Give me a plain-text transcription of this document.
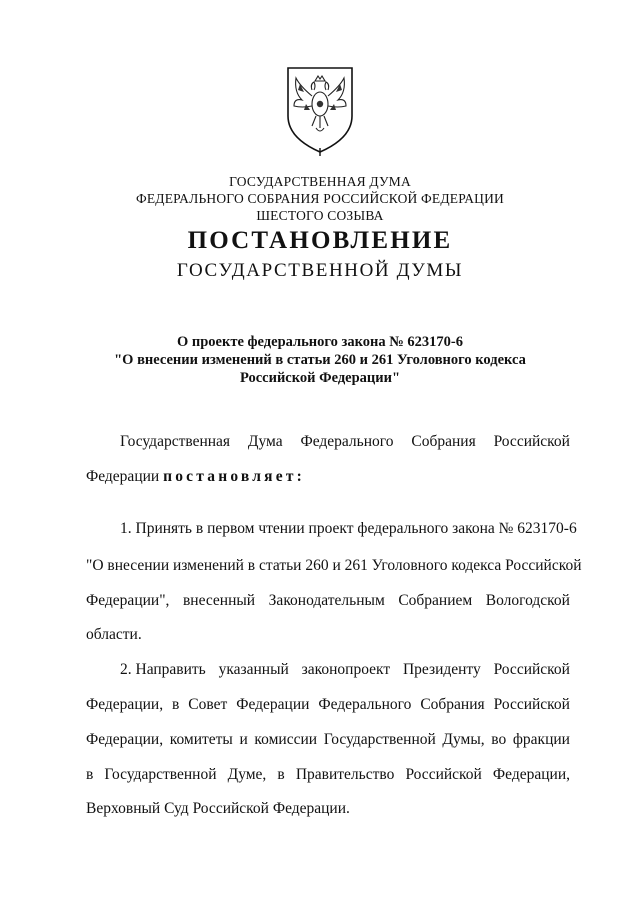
ГОСУДАРСТВЕННАЯ ДУМА
ФЕДЕРАЛЬНОГО СОБРАНИЯ РОССИЙСКОЙ ФЕДЕРАЦИИ
ШЕСТОГО СОЗЫВА
ПОСТАНОВЛЕНИЕ
ГОСУДАРСТВЕННОЙ ДУМЫ
О проекте федерального закона № 623170-6
"О внесении изменений в статьи 260 и 261 Уголовного кодекса
Российской Федерации"
Государственная Дума Федерального Собрания Российской
Федерации постановляет:
1. Принять в первом чтении проект федерального закона № 623170-6
"О внесении изменений в статьи 260 и 261 Уголовного кодекса Российской
Федерации", внесенный Законодательным Собранием Вологодской
области.
2. Направить указанный законопроект Президенту Российской
Федерации, в Совет Федерации Федерального Собрания Российской
Федерации, комитеты и комиссии Государственной Думы, во фракции
в Государственной Думе, в Правительство Российской Федерации,
Верховный Суд Российской Федерации.
